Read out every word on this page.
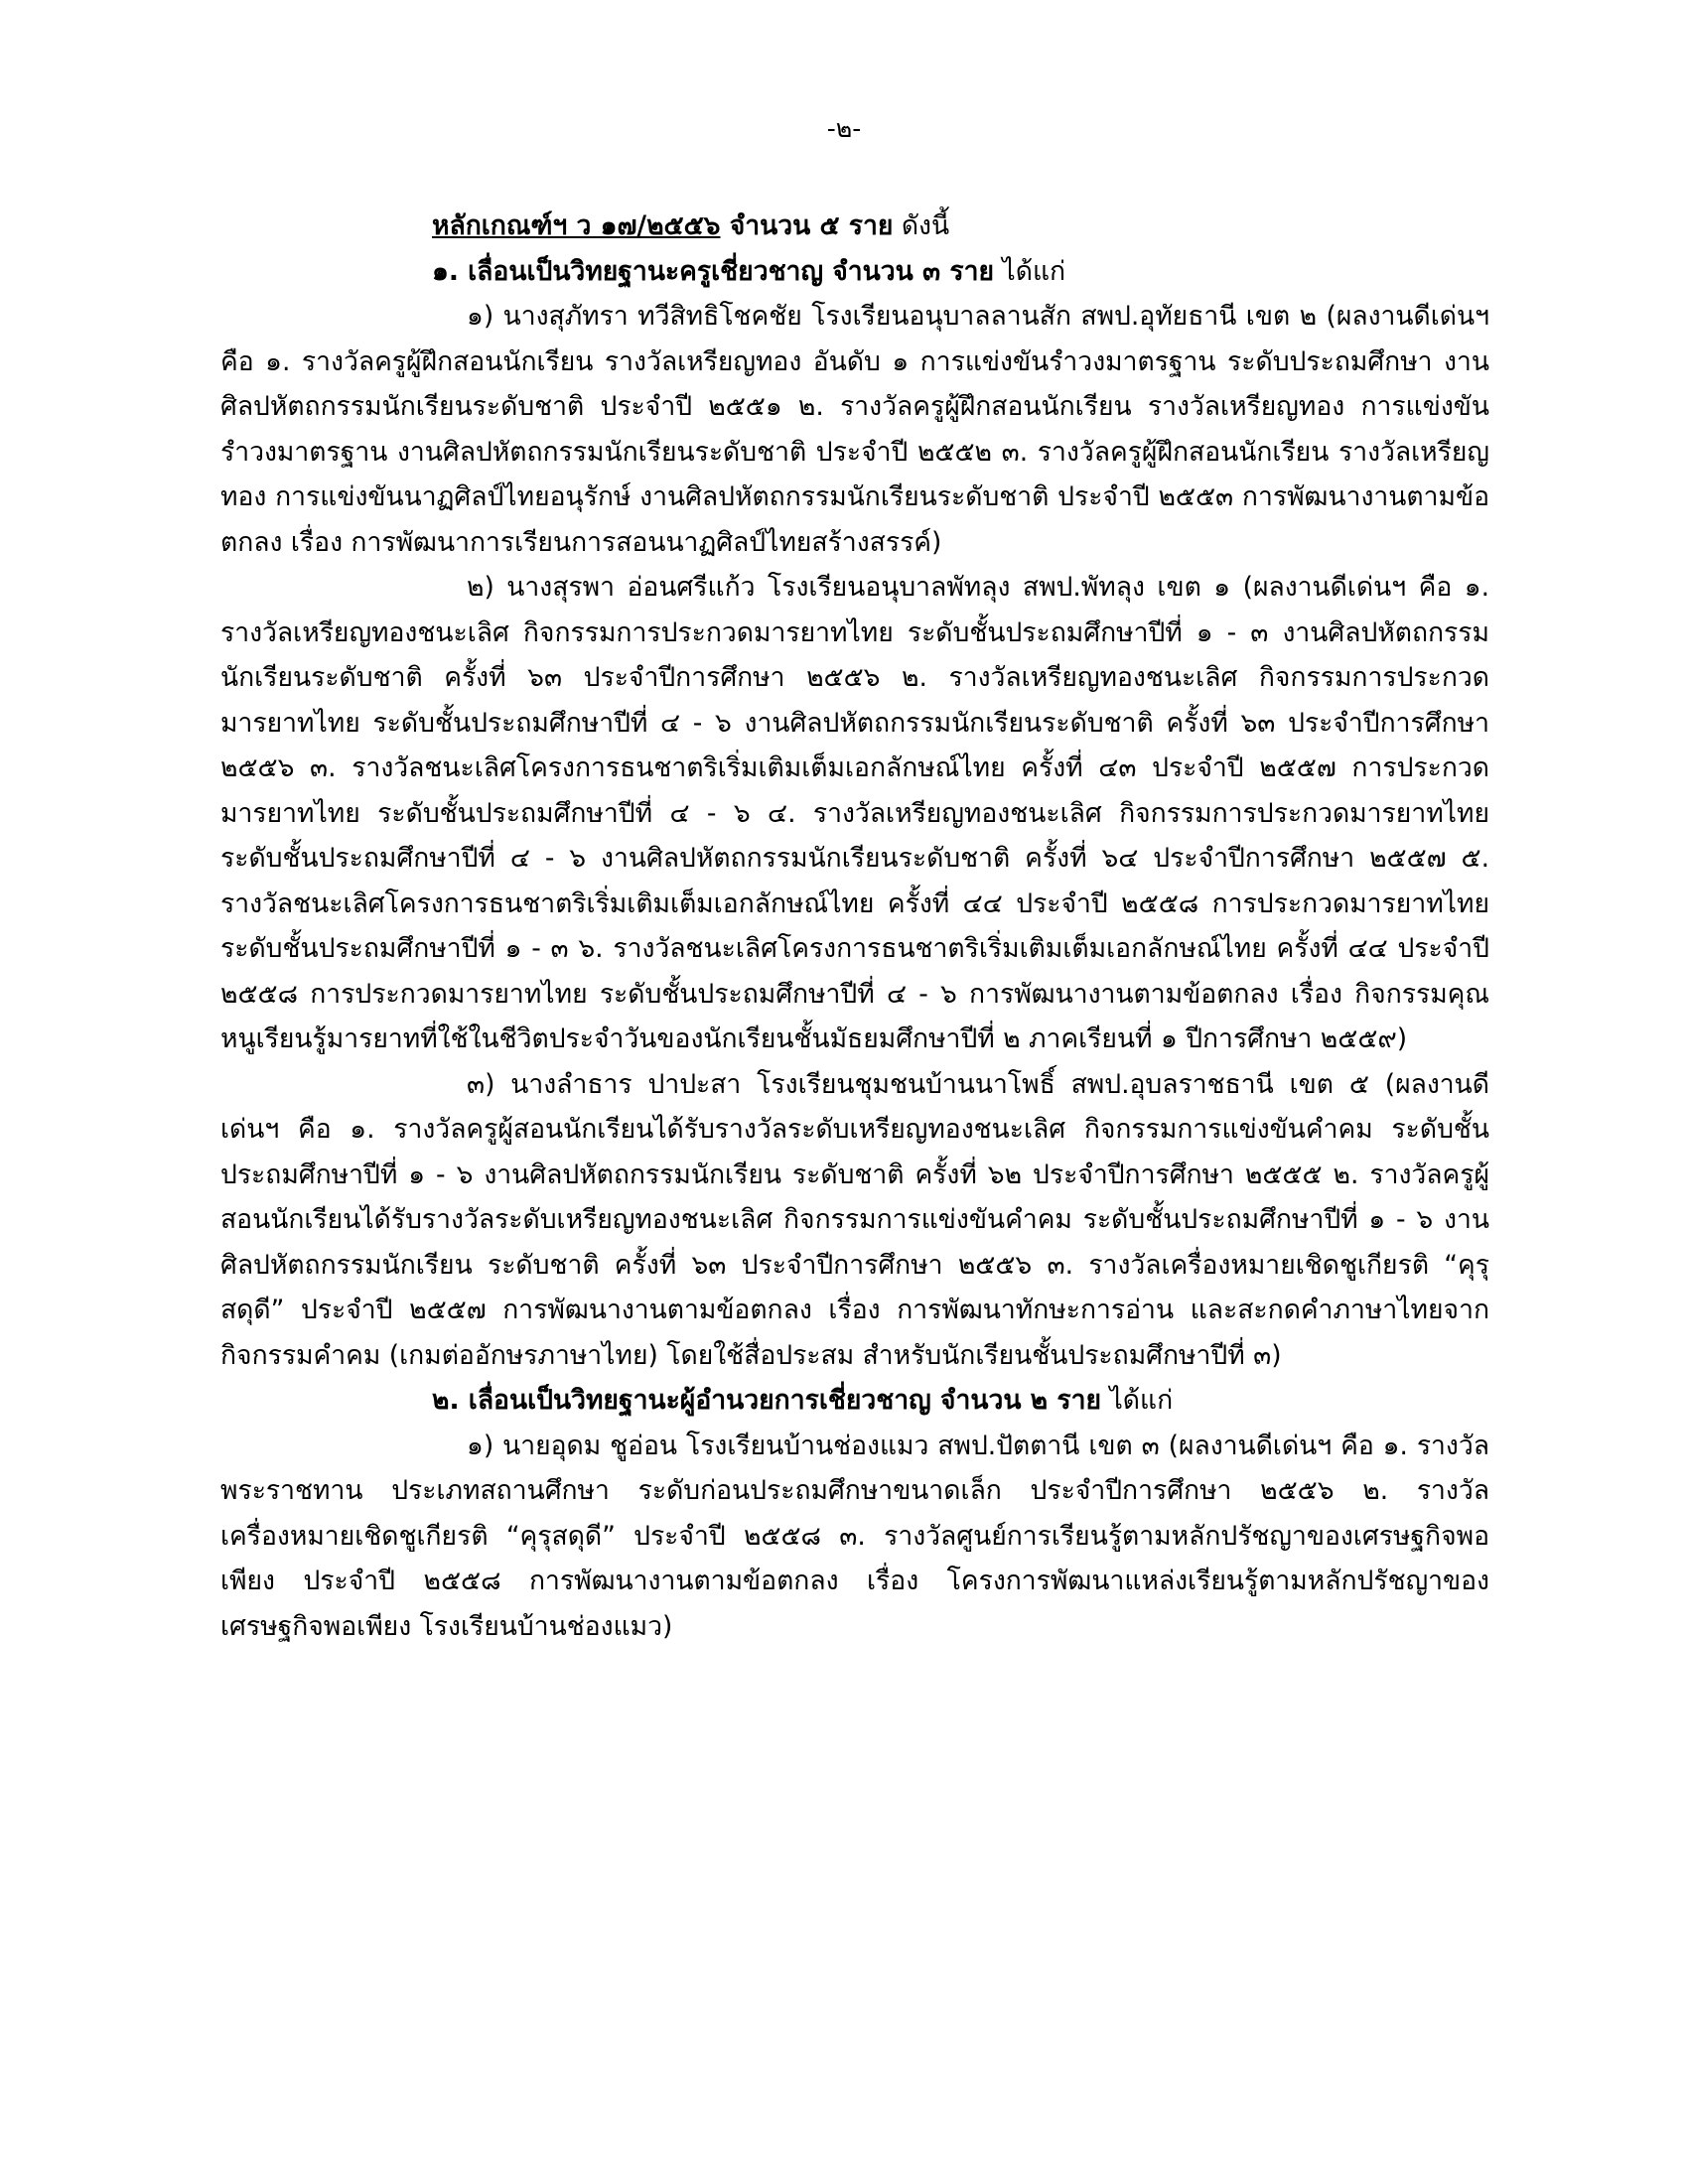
-๒-
หลักเกณฑ์ฯ ว ๑๗/๒๕๕๖ จำนวน ๕ ราย ดังนี้
๑. เลื่อนเป็นวิทยฐานะครูเชี่ยวชาญ จำนวน ๓ ราย ได้แก่

๑) นางสุภัทรา ทวีสิทธิโชคชัย โรงเรียนอนุบาลลานสัก สพป.อุทัยธานี เขต ๒ (ผลงานดีเด่นฯ คือ ๑. รางวัลครูผู้ฝึกสอนนักเรียน รางวัลเหรียญทอง อันดับ ๑ การแข่งขันรำวงมาตรฐาน ระดับประถมศึกษา งานศิลปหัตถกรรมนักเรียนระดับชาติ ประจำปี ๒๕๕๑ ๒. รางวัลครูผู้ฝึกสอนนักเรียน รางวัลเหรียญทอง การแข่งขันรำวงมาตรฐาน งานศิลปหัตถกรรมนักเรียนระดับชาติ ประจำปี ๒๕๕๒ ๓. รางวัลครูผู้ฝึกสอนนักเรียน รางวัลเหรียญทอง การแข่งขันนาฏศิลป์ไทยอนุรักษ์ งานศิลปหัตถกรรมนักเรียนระดับชาติ ประจำปี ๒๕๕๓ การพัฒนางานตามข้อตกลง เรื่อง การพัฒนาการเรียนการสอนนาฏศิลป์ไทยสร้างสรรค์)

๒) นางสุรพา อ่อนศรีแก้ว โรงเรียนอนุบาลพัทลุง สพป.พัทลุง เขต ๑ (ผลงานดีเด่นฯ คือ ๑. รางวัลเหรียญทองชนะเลิศ กิจกรรมการประกวดมารยาทไทย ระดับชั้นประถมศึกษาปีที่ ๑ - ๓ งานศิลปหัตถกรรมนักเรียนระดับชาติ ครั้งที่ ๖๓ ประจำปีการศึกษา ๒๕๕๖ ๒. รางวัลเหรียญทองชนะเลิศ กิจกรรมการประกวดมารยาทไทย ระดับชั้นประถมศึกษาปีที่ ๔ - ๖ งานศิลปหัตถกรรมนักเรียนระดับชาติ ครั้งที่ ๖๓ ประจำปีการศึกษา ๒๕๕๖ ๓. รางวัลชนะเลิศโครงการธนชาตริเริ่มเติมเต็มเอกลักษณ์ไทย ครั้งที่ ๔๓ ประจำปี ๒๕๕๗ การประกวดมารยาทไทย ระดับชั้นประถมศึกษาปีที่ ๔ - ๖ ๔. รางวัลเหรียญทองชนะเลิศ กิจกรรมการประกวดมารยาทไทย ระดับชั้นประถมศึกษาปีที่ ๔ - ๖ งานศิลปหัตถกรรมนักเรียนระดับชาติ ครั้งที่ ๖๔ ประจำปีการศึกษา ๒๕๕๗ ๕. รางวัลชนะเลิศโครงการธนชาตริเริ่มเติมเต็มเอกลักษณ์ไทย ครั้งที่ ๔๔ ประจำปี ๒๕๕๘ การประกวดมารยาทไทย ระดับชั้นประถมศึกษาปีที่ ๑ - ๓ ๖. รางวัลชนะเลิศโครงการธนชาตริเริ่มเติมเต็มเอกลักษณ์ไทย ครั้งที่ ๔๔ ประจำปี ๒๕๕๘ การประกวดมารยาทไทย ระดับชั้นประถมศึกษาปีที่ ๔ - ๖ การพัฒนางานตามข้อตกลง เรื่อง กิจกรรมคุณหนูเรียนรู้มารยาทที่ใช้ในชีวิตประจำวันของนักเรียนชั้นมัธยมศึกษาปีที่ ๒ ภาคเรียนที่ ๑ ปีการศึกษา ๒๕๕๙)

๓) นางลำธาร ปาปะสา โรงเรียนชุมชนบ้านนาโพธิ์ สพป.อุบลราชธานี เขต ๕ (ผลงานดีเด่นฯ คือ ๑. รางวัลครูผู้สอนนักเรียนได้รับรางวัลระดับเหรียญทองชนะเลิศ กิจกรรมการแข่งขันคำคม ระดับชั้นประถมศึกษาปีที่ ๑ - ๖ งานศิลปหัตถกรรมนักเรียน ระดับชาติ ครั้งที่ ๖๒ ประจำปีการศึกษา ๒๕๕๕ ๒. รางวัลครูผู้สอนนักเรียนได้รับรางวัลระดับเหรียญทองชนะเลิศ กิจกรรมการแข่งขันคำคม ระดับชั้นประถมศึกษาปีที่ ๑ - ๖ งานศิลปหัตถกรรมนักเรียน ระดับชาติ ครั้งที่ ๖๓ ประจำปีการศึกษา ๒๕๕๖ ๓. รางวัลเครื่องหมายเชิดชูเกียรติ “คุรุสดุดี” ประจำปี ๒๕๕๗ การพัฒนางานตามข้อตกลง เรื่อง การพัฒนาทักษะการอ่าน และสะกดคำภาษาไทยจากกิจกรรมคำคม (เกมต่ออักษรภาษาไทย) โดยใช้สื่อประสม สำหรับนักเรียนชั้นประถมศึกษาปีที่ ๓)

๒. เลื่อนเป็นวิทยฐานะผู้อำนวยการเชี่ยวชาญ จำนวน ๒ ราย ได้แก่

๑) นายอุดม ชูอ่อน โรงเรียนบ้านช่องแมว สพป.ปัตตานี เขต ๓ (ผลงานดีเด่นฯ คือ ๑. รางวัลพระราชทาน ประเภทสถานศึกษา ระดับก่อนประถมศึกษาขนาดเล็ก ประจำปีการศึกษา ๒๕๕๖ ๒. รางวัลเครื่องหมายเชิดชูเกียรติ “คุรุสดุดี” ประจำปี ๒๕๕๘ ๓. รางวัลศูนย์การเรียนรู้ตามหลักปรัชญาของเศรษฐกิจพอเพียง ประจำปี ๒๕๕๘ การพัฒนางานตามข้อตกลง เรื่อง โครงการพัฒนาแหล่งเรียนรู้ตามหลักปรัชญาของเศรษฐกิจพอเพียง โรงเรียนบ้านช่องแมว)
